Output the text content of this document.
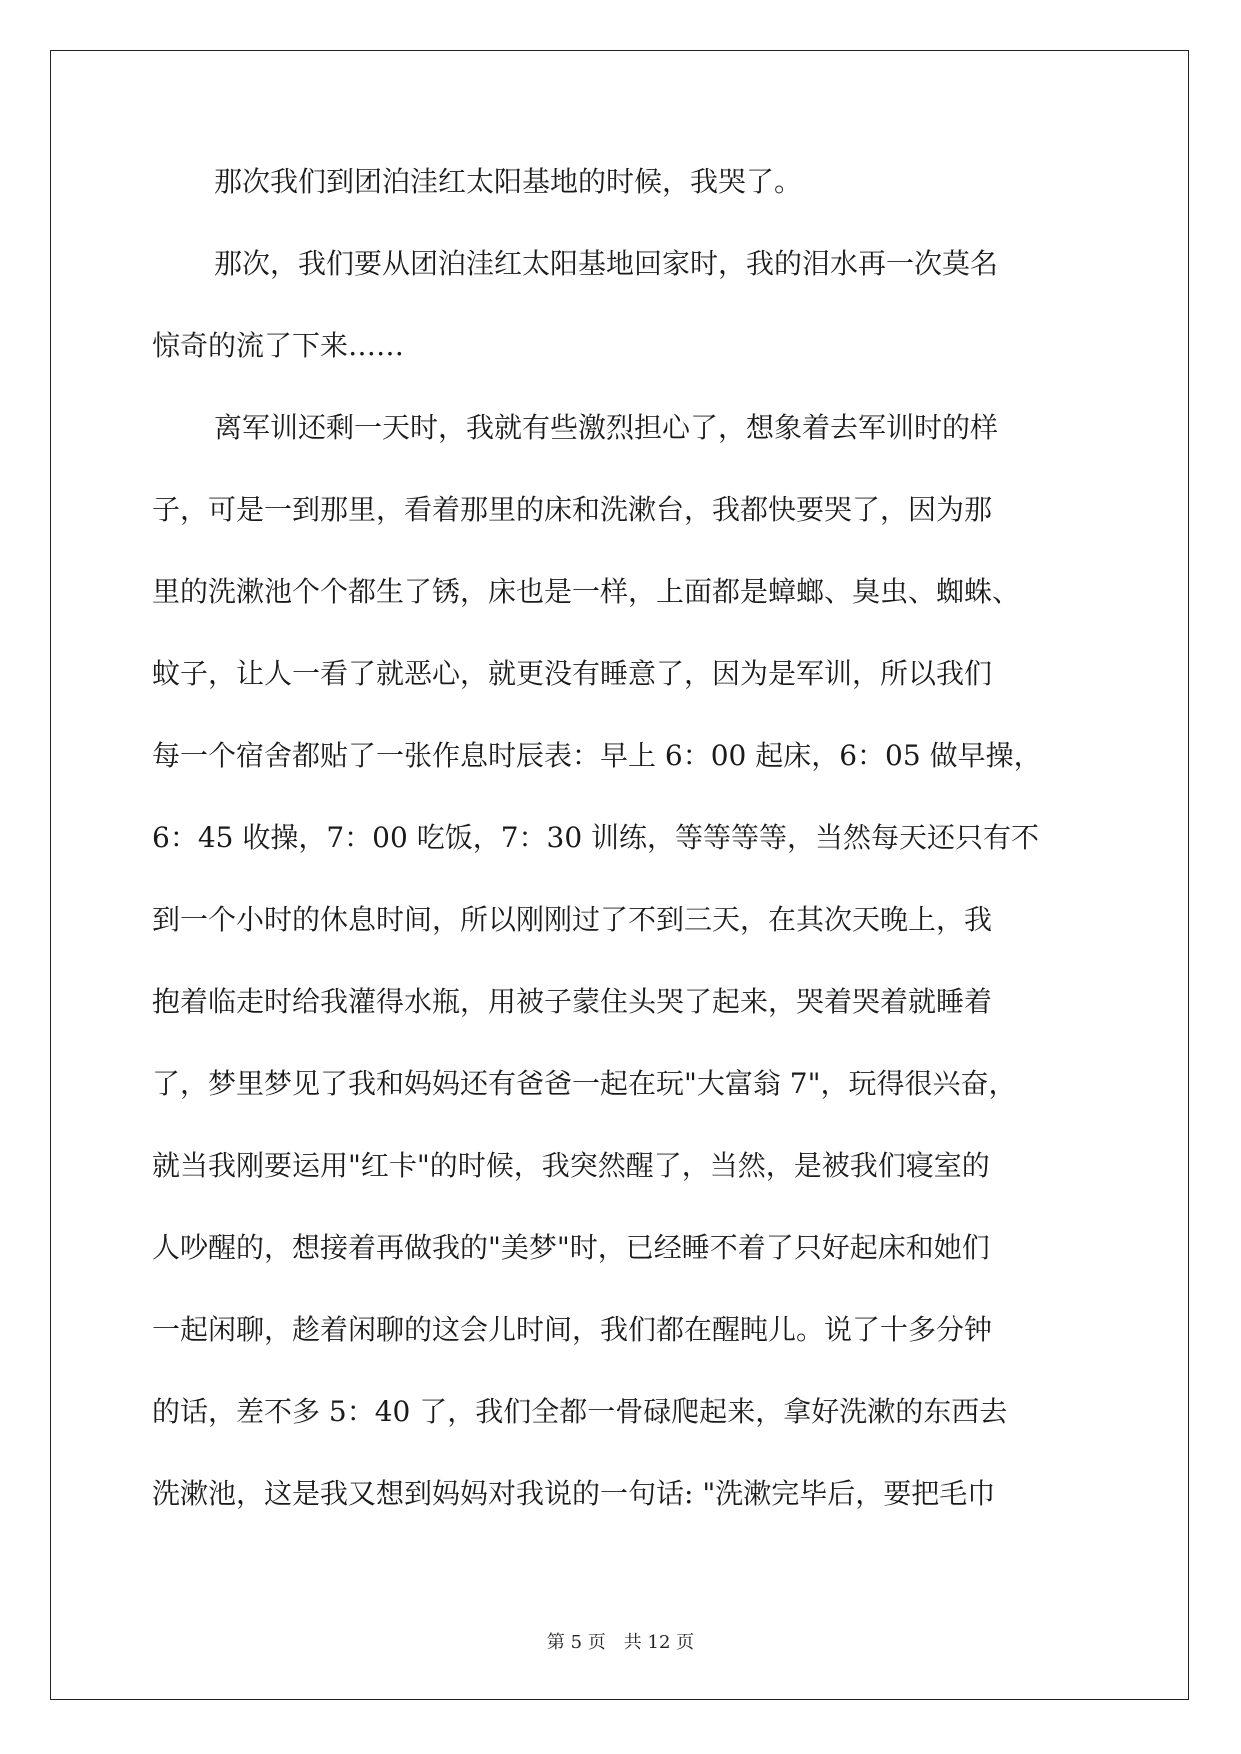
那次我们到团泊洼红太阳基地的时候，我哭了。

那次，我们要从团泊洼红太阳基地回家时，我的泪水再一次莫名
惊奇的流了下来……

离军训还剩一天时，我就有些激烈担心了，想象着去军训时的样
子，可是一到那里，看着那里的床和洗漱台，我都快要哭了，因为那
里的洗漱池个个都生了锈，床也是一样，上面都是蟑螂、臭虫、蜘蛛、
蚊子，让人一看了就恶心，就更没有睡意了，因为是军训，所以我们
每一个宿舍都贴了一张作息时辰表：早上 6：00 起床，6：05 做早操，
6：45 收操，7：00 吃饭，7：30 训练，等等等等，当然每天还只有不
到一个小时的休息时间，所以刚刚过了不到三天，在其次天晚上，我
抱着临走时给我灌得水瓶，用被子蒙住头哭了起来，哭着哭着就睡着
了，梦里梦见了我和妈妈还有爸爸一起在玩"大富翁 7"，玩得很兴奋，
就当我刚要运用"红卡"的时候，我突然醒了，当然，是被我们寝室的
人吵醒的，想接着再做我的"美梦"时，已经睡不着了只好起床和她们
一起闲聊，趁着闲聊的这会儿时间，我们都在醒盹儿。说了十多分钟
的话，差不多 5：40 了，我们全都一骨碌爬起来，拿好洗漱的东西去
洗漱池，这是我又想到妈妈对我说的一句话: "洗漱完毕后，要把毛巾

第 5 页　共 12 页
